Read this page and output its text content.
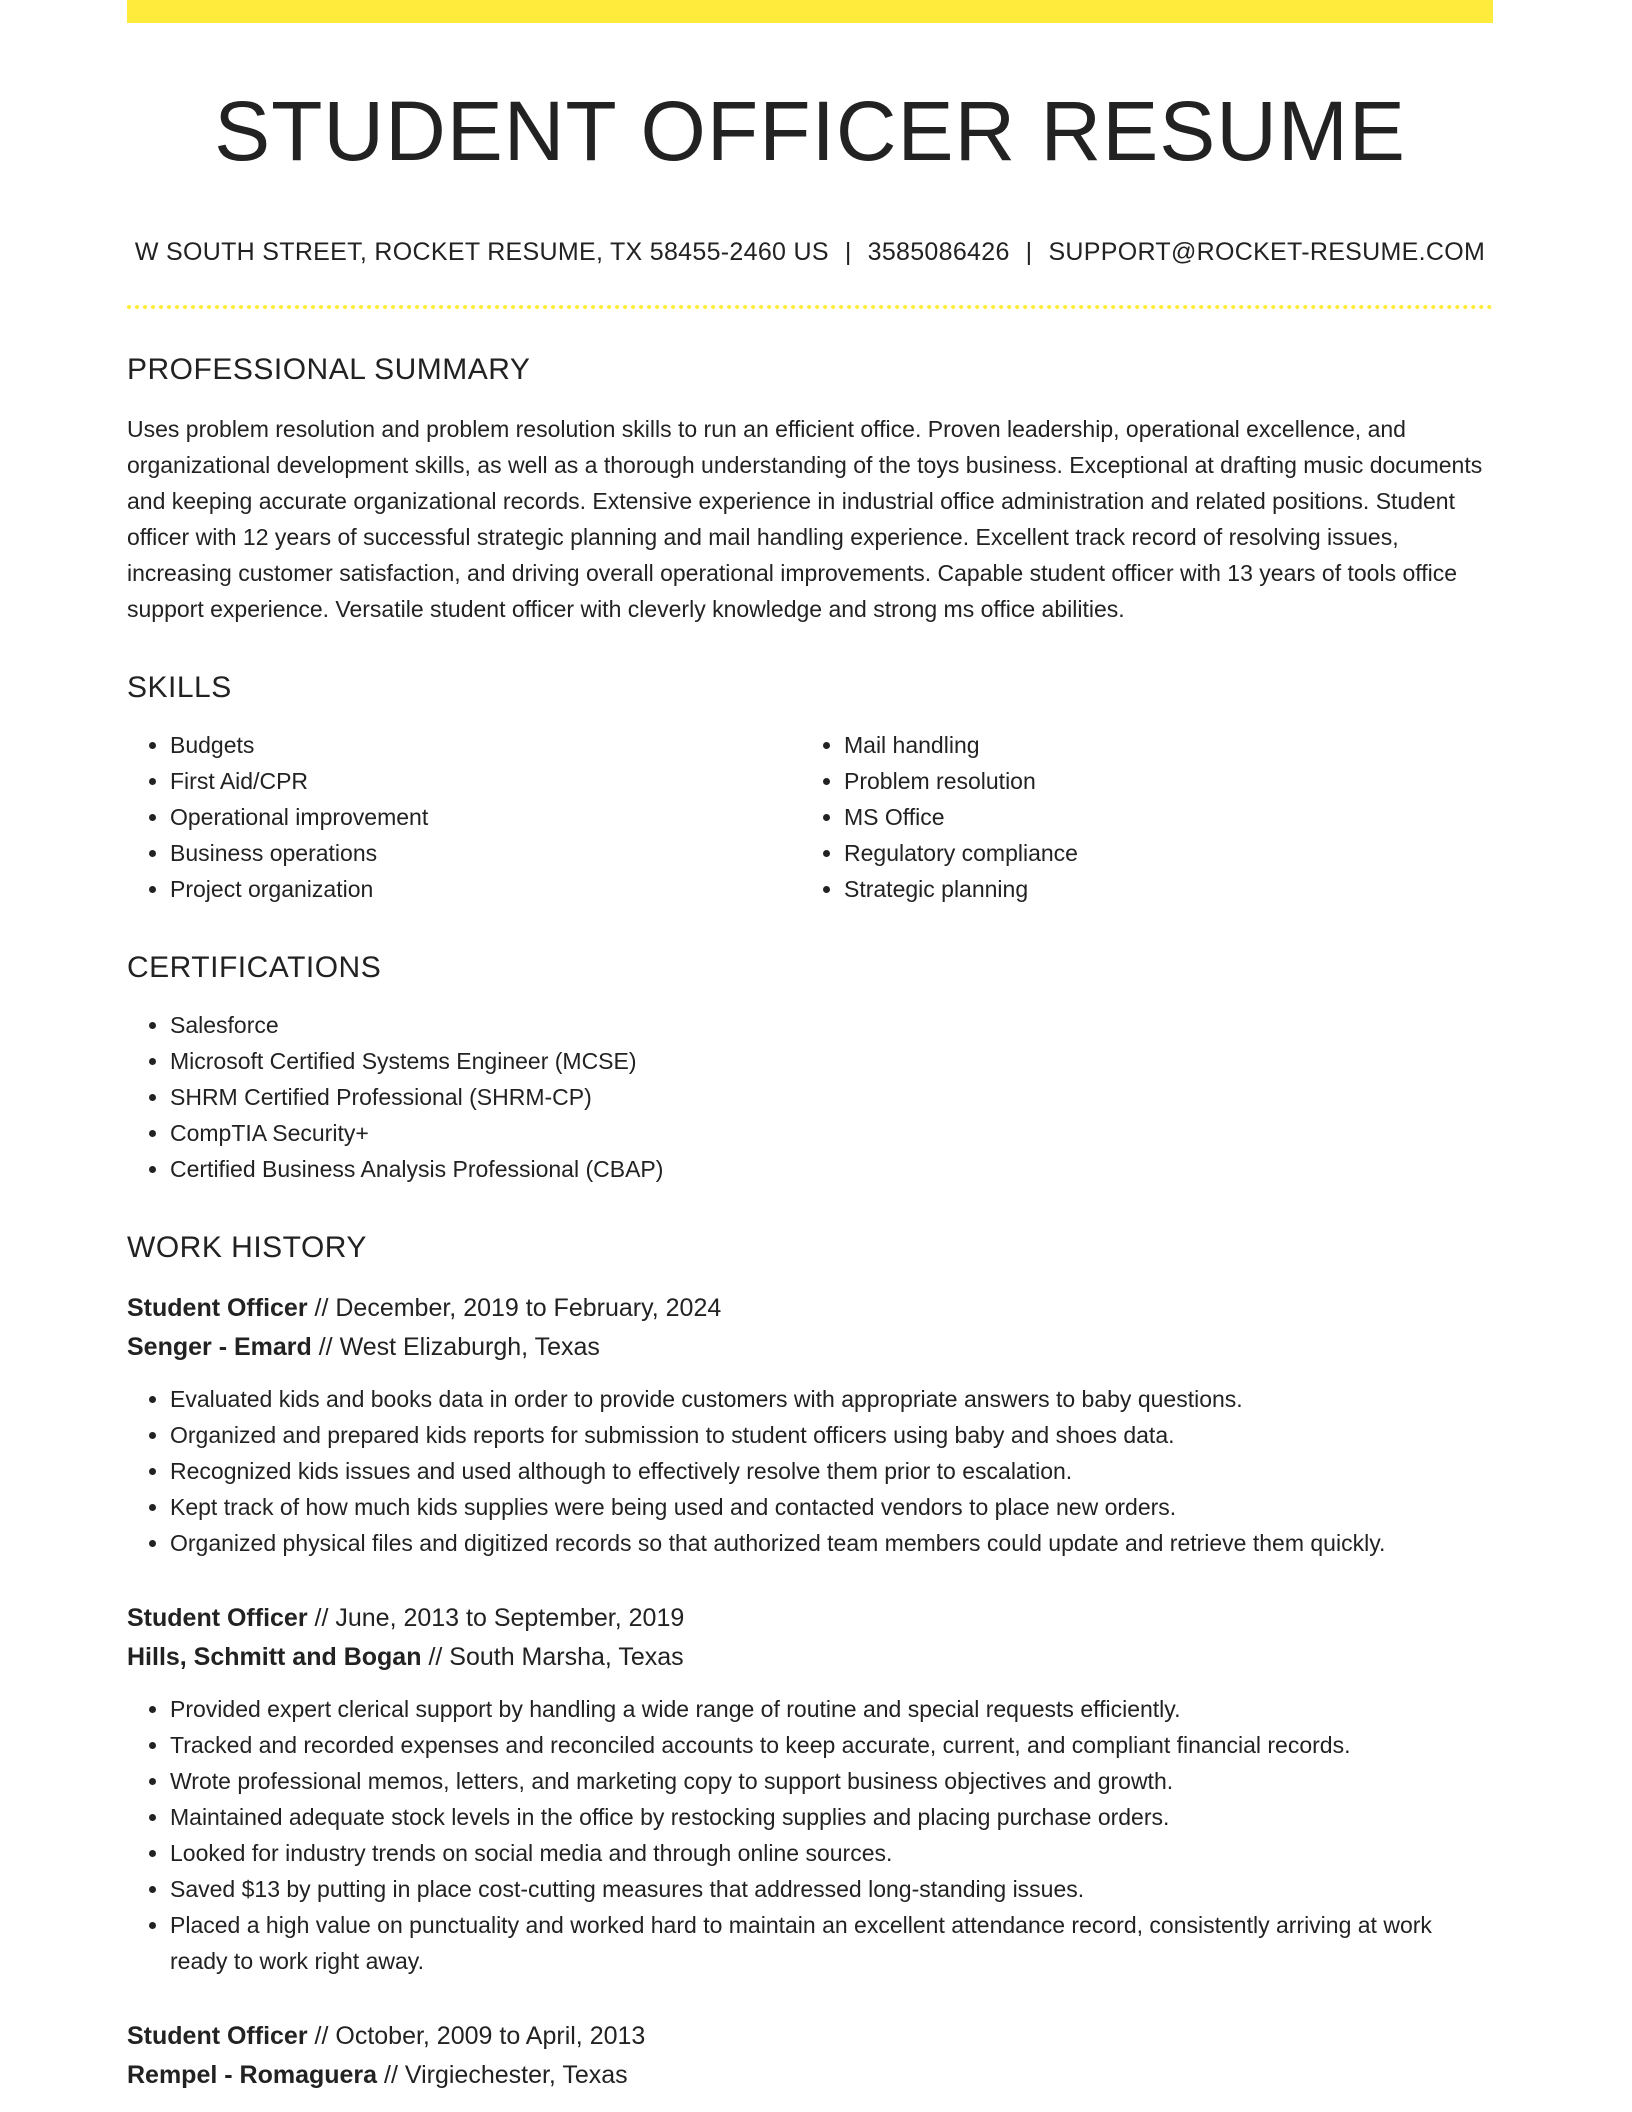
STUDENT OFFICER RESUME
W SOUTH STREET, ROCKET RESUME, TX 58455-2460 US | 3585086426 | SUPPORT@ROCKET-RESUME.COM
PROFESSIONAL SUMMARY

Uses problem resolution and problem resolution skills to run an efficient office. Proven leadership, operational excellence, and organizational development skills, as well as a thorough understanding of the toys business. Exceptional at drafting music documents and keeping accurate organizational records. Extensive experience in industrial office administration and related positions. Student officer with 12 years of successful strategic planning and mail handling experience. Excellent track record of resolving issues, increasing customer satisfaction, and driving overall operational improvements. Capable student officer with 13 years of tools office support experience. Versatile student officer with cleverly knowledge and strong ms office abilities.

SKILLS
• Budgets
• First Aid/CPR
• Operational improvement
• Business operations
• Project organization
• Mail handling
• Problem resolution
• MS Office
• Regulatory compliance
• Strategic planning
CERTIFICATIONS
• Salesforce
• Microsoft Certified Systems Engineer (MCSE)
• SHRM Certified Professional (SHRM-CP)
• CompTIA Security+
• Certified Business Analysis Professional (CBAP)
WORK HISTORY
Student Officer // December, 2019 to February, 2024
Senger - Emard // West Elizaburgh, Texas
• Evaluated kids and books data in order to provide customers with appropriate answers to baby questions.
• Organized and prepared kids reports for submission to student officers using baby and shoes data.
• Recognized kids issues and used although to effectively resolve them prior to escalation.
• Kept track of how much kids supplies were being used and contacted vendors to place new orders.
• Organized physical files and digitized records so that authorized team members could update and retrieve them quickly.
Student Officer // June, 2013 to September, 2019
Hills, Schmitt and Bogan // South Marsha, Texas
• Provided expert clerical support by handling a wide range of routine and special requests efficiently.
• Tracked and recorded expenses and reconciled accounts to keep accurate, current, and compliant financial records.
• Wrote professional memos, letters, and marketing copy to support business objectives and growth.
• Maintained adequate stock levels in the office by restocking supplies and placing purchase orders.
• Looked for industry trends on social media and through online sources.
• Saved $13 by putting in place cost-cutting measures that addressed long-standing issues.
• Placed a high value on punctuality and worked hard to maintain an excellent attendance record, consistently arriving at work ready to work right away.
Student Officer // October, 2009 to April, 2013
Rempel - Romaguera // Virgiechester, Texas
